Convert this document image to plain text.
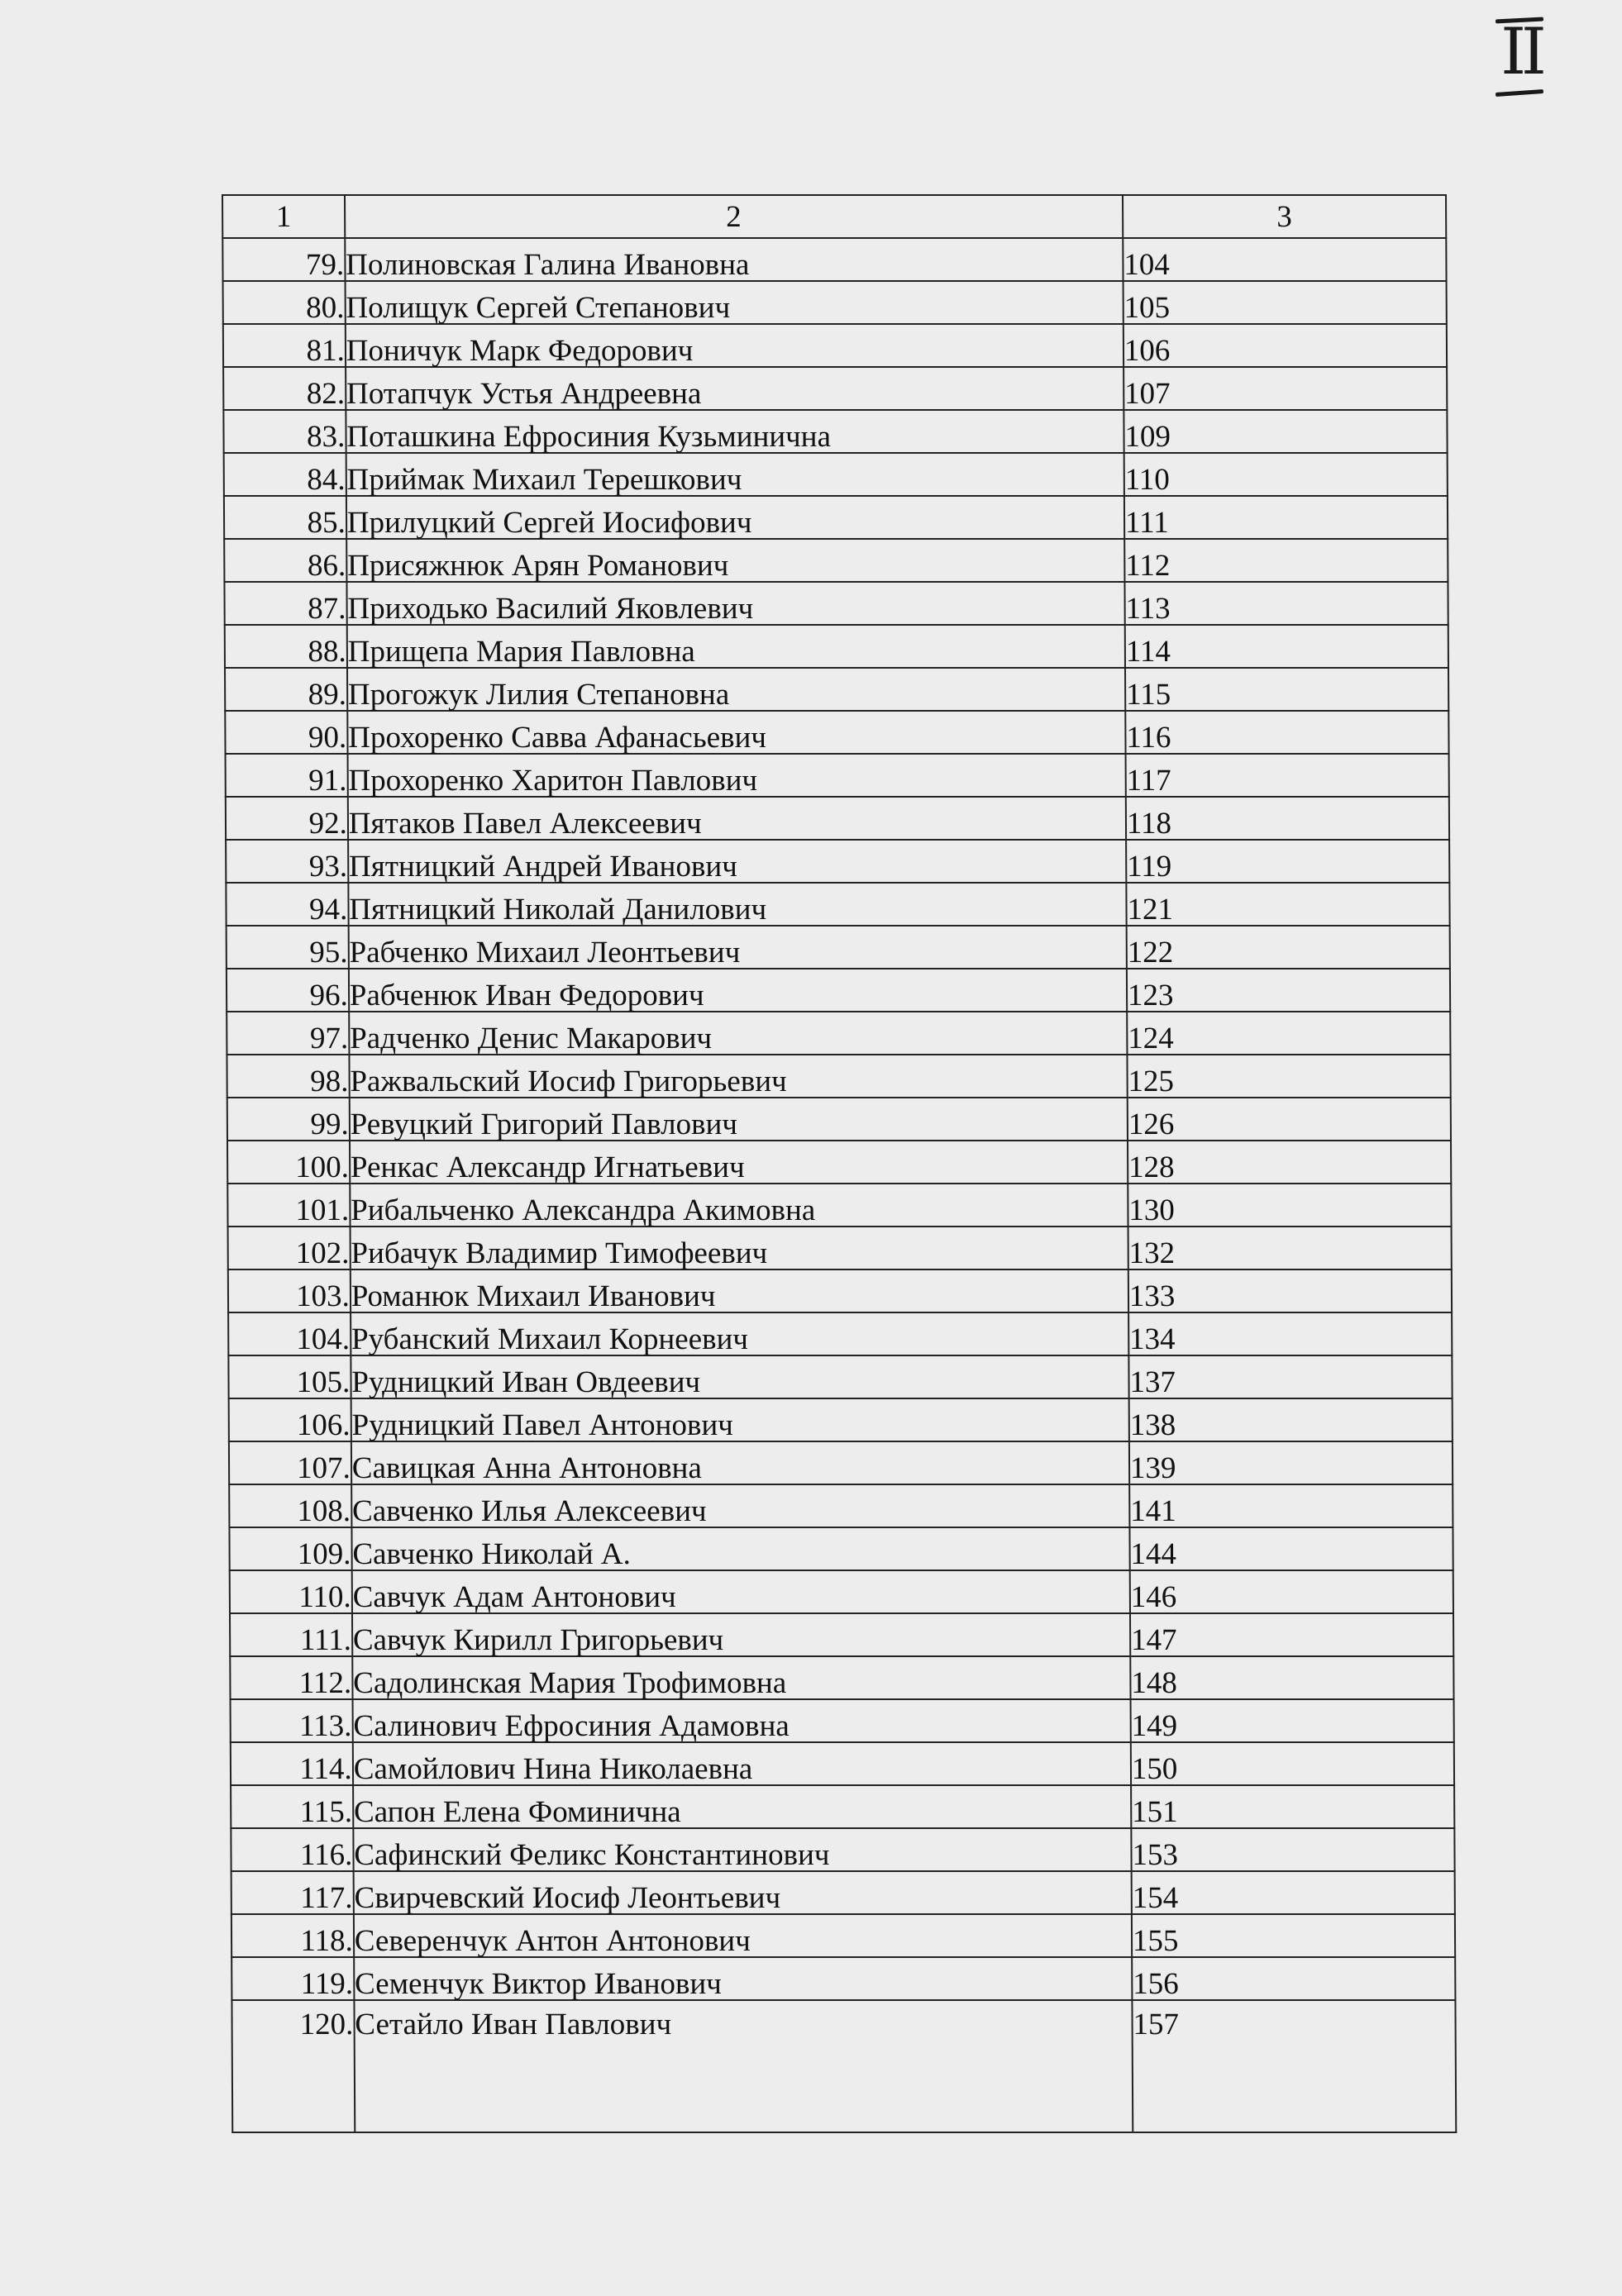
II
1	2	3
79.	Полиновская Галина Ивановна	104
80.	Полищук Сергей Степанович	105
81.	Поничук Марк Федорович	106
82.	Потапчук Устья Андреевна	107
83.	Поташкина Ефросиния Кузьминична	109
84.	Приймак Михаил Терешкович	110
85.	Прилуцкий Сергей Иосифович	111
86.	Присяжнюк Арян Романович	112
87.	Приходько Василий Яковлевич	113
88.	Прищепа Мария Павловна	114
89.	Прогожук Лилия Степановна	115
90.	Прохоренко Савва Афанасьевич	116
91.	Прохоренко Харитон Павлович	117
92.	Пятаков Павел Алексеевич	118
93.	Пятницкий Андрей Иванович	119
94.	Пятницкий Николай Данилович	121
95.	Рабченко Михаил Леонтьевич	122
96.	Рабченюк Иван Федорович	123
97.	Радченко Денис Макарович	124
98.	Ражвальский Иосиф Григорьевич	125
99.	Ревуцкий Григорий Павлович	126
100.	Ренкас Александр Игнатьевич	128
101.	Рибальченко Александра Акимовна	130
102.	Рибачук Владимир Тимофеевич	132
103.	Романюк Михаил Иванович	133
104.	Рубанский Михаил Корнеевич	134
105.	Рудницкий Иван Овдеевич	137
106.	Рудницкий Павел Антонович	138
107.	Савицкая Анна Антоновна	139
108.	Савченко Илья Алексеевич	141
109.	Савченко Николай А.	144
110.	Савчук Адам Антонович	146
111.	Савчук Кирилл Григорьевич	147
112.	Садолинская Мария Трофимовна	148
113.	Салинович Ефросиния Адамовна	149
114.	Самойлович Нина Николаевна	150
115.	Сапон Елена Фоминична	151
116.	Сафинский Феликс Константинович	153
117.	Свирчевский Иосиф Леонтьевич	154
118.	Северенчук Антон Антонович	155
119.	Семенчук Виктор Иванович	156
120.	Сетайло Иван Павлович	157
